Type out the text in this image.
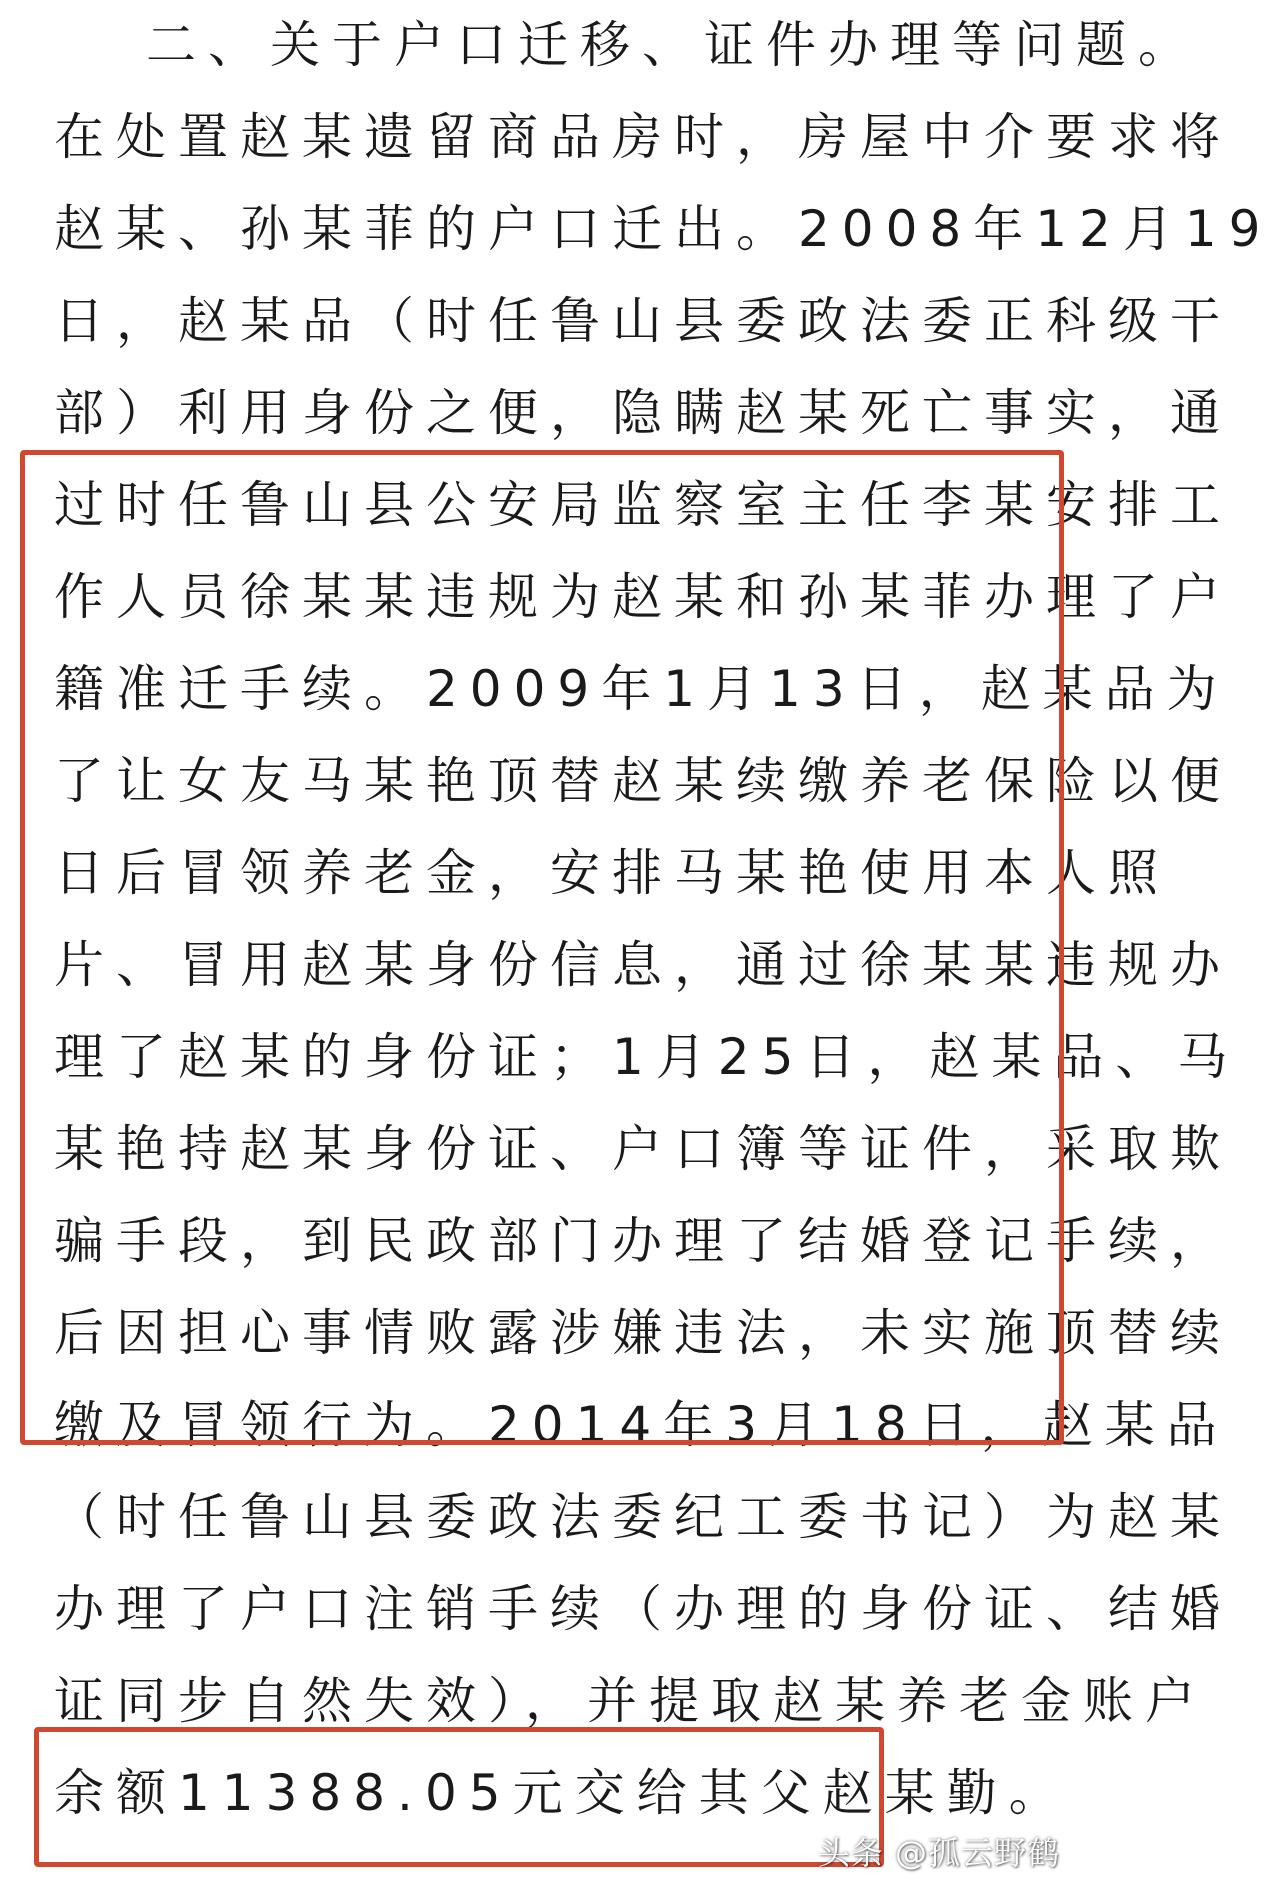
二、关于户口迁移、证件办理等问题。
在处置赵某遗留商品房时，房屋中介要求将
赵某、孙某菲的户口迁出。2008年12月19
日，赵某品（时任鲁山县委政法委正科级干
部）利用身份之便，隐瞒赵某死亡事实，通
过时任鲁山县公安局监察室主任李某安排工
作人员徐某某违规为赵某和孙某菲办理了户
籍准迁手续。2009年1月13日，赵某品为
了让女友马某艳顶替赵某续缴养老保险以便
日后冒领养老金，安排马某艳使用本人照
片、冒用赵某身份信息，通过徐某某违规办
理了赵某的身份证；1月25日，赵某品、马
某艳持赵某身份证、户口簿等证件，采取欺
骗手段，到民政部门办理了结婚登记手续，
后因担心事情败露涉嫌违法，未实施顶替续
缴及冒领行为。2014年3月18日，赵某品
（时任鲁山县委政法委纪工委书记）为赵某
办理了户口注销手续（办理的身份证、结婚
证同步自然失效），并提取赵某养老金账户
余额11388.05元交给其父赵某勤。
头条 @孤云野鹤
